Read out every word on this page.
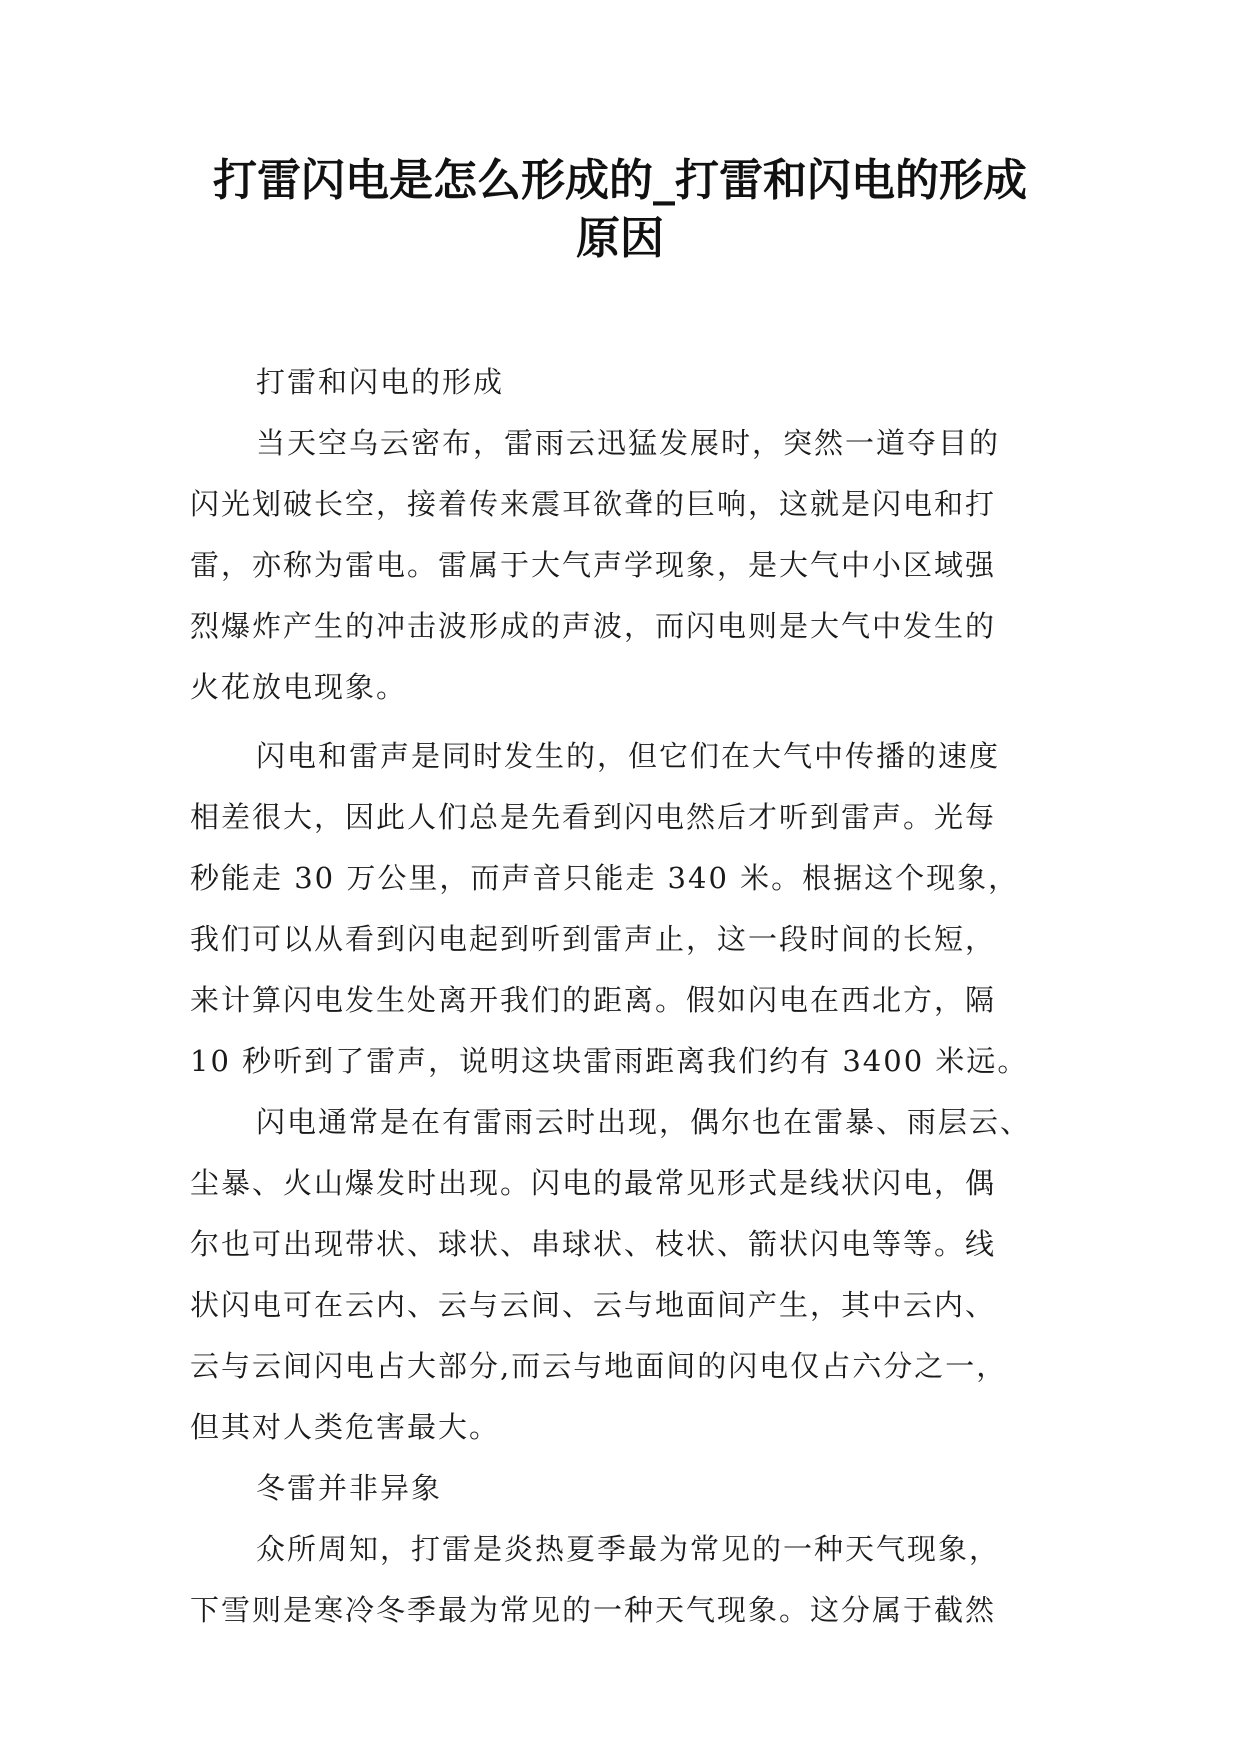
打雷闪电是怎么形成的_打雷和闪电的形成
原因
打雷和闪电的形成
当天空乌云密布，雷雨云迅猛发展时，突然一道夺目的
闪光划破长空，接着传来震耳欲聋的巨响，这就是闪电和打
雷，亦称为雷电。雷属于大气声学现象，是大气中小区域强
烈爆炸产生的冲击波形成的声波，而闪电则是大气中发生的
火花放电现象。
闪电和雷声是同时发生的，但它们在大气中传播的速度
相差很大，因此人们总是先看到闪电然后才听到雷声。光每
秒能走 30 万公里，而声音只能走 340 米。根据这个现象，
我们可以从看到闪电起到听到雷声止，这一段时间的长短，
来计算闪电发生处离开我们的距离。假如闪电在西北方，隔
10 秒听到了雷声，说明这块雷雨距离我们约有 3400 米远。
闪电通常是在有雷雨云时出现，偶尔也在雷暴、雨层云、
尘暴、火山爆发时出现。闪电的最常见形式是线状闪电，偶
尔也可出现带状、球状、串球状、枝状、箭状闪电等等。线
状闪电可在云内、云与云间、云与地面间产生，其中云内、
云与云间闪电占大部分,而云与地面间的闪电仅占六分之一，
但其对人类危害最大。
冬雷并非异象
众所周知，打雷是炎热夏季最为常见的一种天气现象，
下雪则是寒冷冬季最为常见的一种天气现象。这分属于截然
